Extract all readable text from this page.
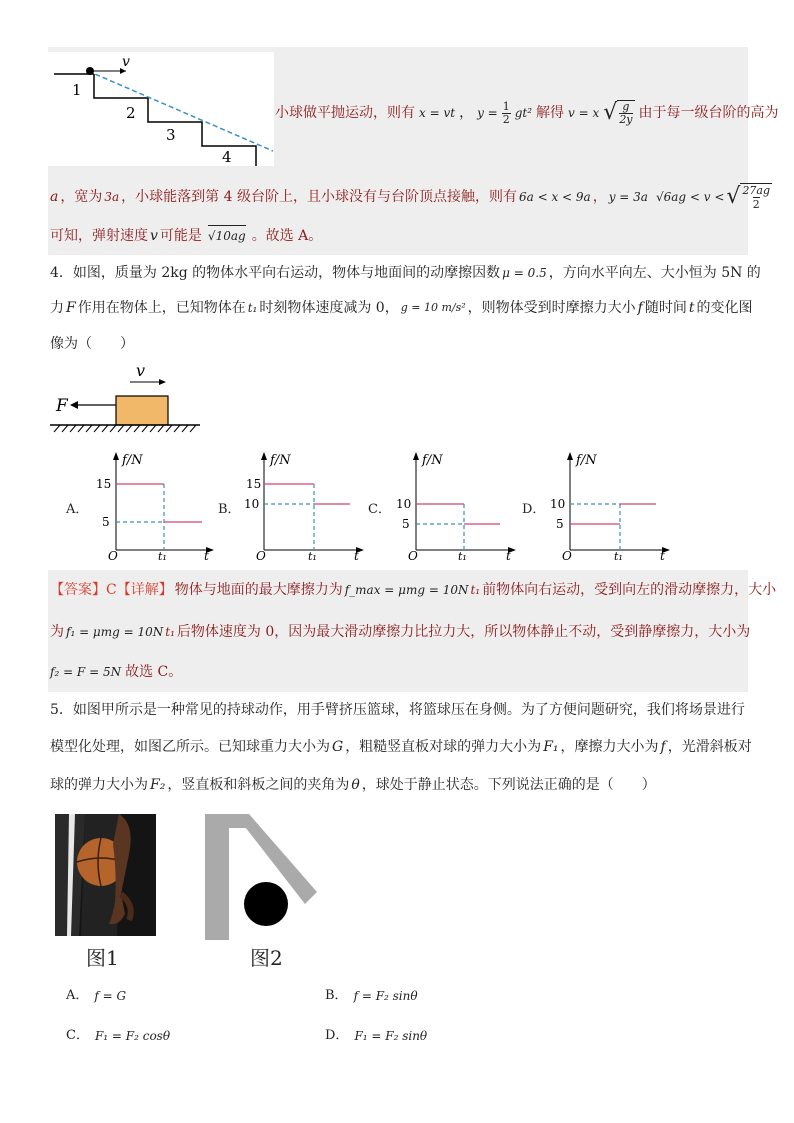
v
1
2
3
4
小球做平抛运动，则有 x = vt ， $y = \frac{1}{2} gt^2$ 解得 v = x √ g
2y 由于每一级台阶的高为
a ，宽为 3a ，小球能落到第 4 级台阶上，且小球没有与台阶顶点接触，则有 6a < x < 9a ， y = 3a √6ag < v < √ 27ag
2
可知，弹射速度 v 可能是 √10ag 。故选 A。
4．如图，质量为 2kg 的物体水平向右运动，物体与地面间的动摩擦因数 μ = 0.5 ，方向水平向左、大小恒为 5N 的
力 F 作用在物体上，已知物体在 t₁ 时刻物体速度减为 0， g = 10 m/s² ，则物体受到时摩擦力大小 f 随时间 t 的变化图
像为（　　）
v
F
A．
f/N
15
5
O	t₁	t
B．
f/N
15
10
O	t₁	t
C．
f/N
10
5
O	t₁	t
D．
f/N
10
5
O	t₁	t
【答案】C【详解】 物体与地面的最大摩擦力为 f_max = μmg = 10N t₁ 前物体向右运动，受到向左的滑动摩擦力，大小
为 f₁ = μmg = 10N t₁ 后物体速度为 0，因为最大滑动摩擦力比拉力大，所以物体静止不动，受到静摩擦力，大小为
f₂ = F = 5N 故选 C。
5．如图甲所示是一种常见的持球动作，用手臂挤压篮球，将篮球压在身侧。为了方便问题研究，我们将场景进行
模型化处理，如图乙所示。已知球重力大小为 G ，粗糙竖直板对球的弹力大小为 F₁ ，摩擦力大小为 f ，光滑斜板对
球的弹力大小为 F₂ ，竖直板和斜板之间的夹角为 θ ，球处于静止状态。下列说法正确的是（　　）
图1	图2
A． f = G	B． f = F₂ sinθ
C． F₁ = F₂ cosθ	D． F₁ = F₂ sinθ
